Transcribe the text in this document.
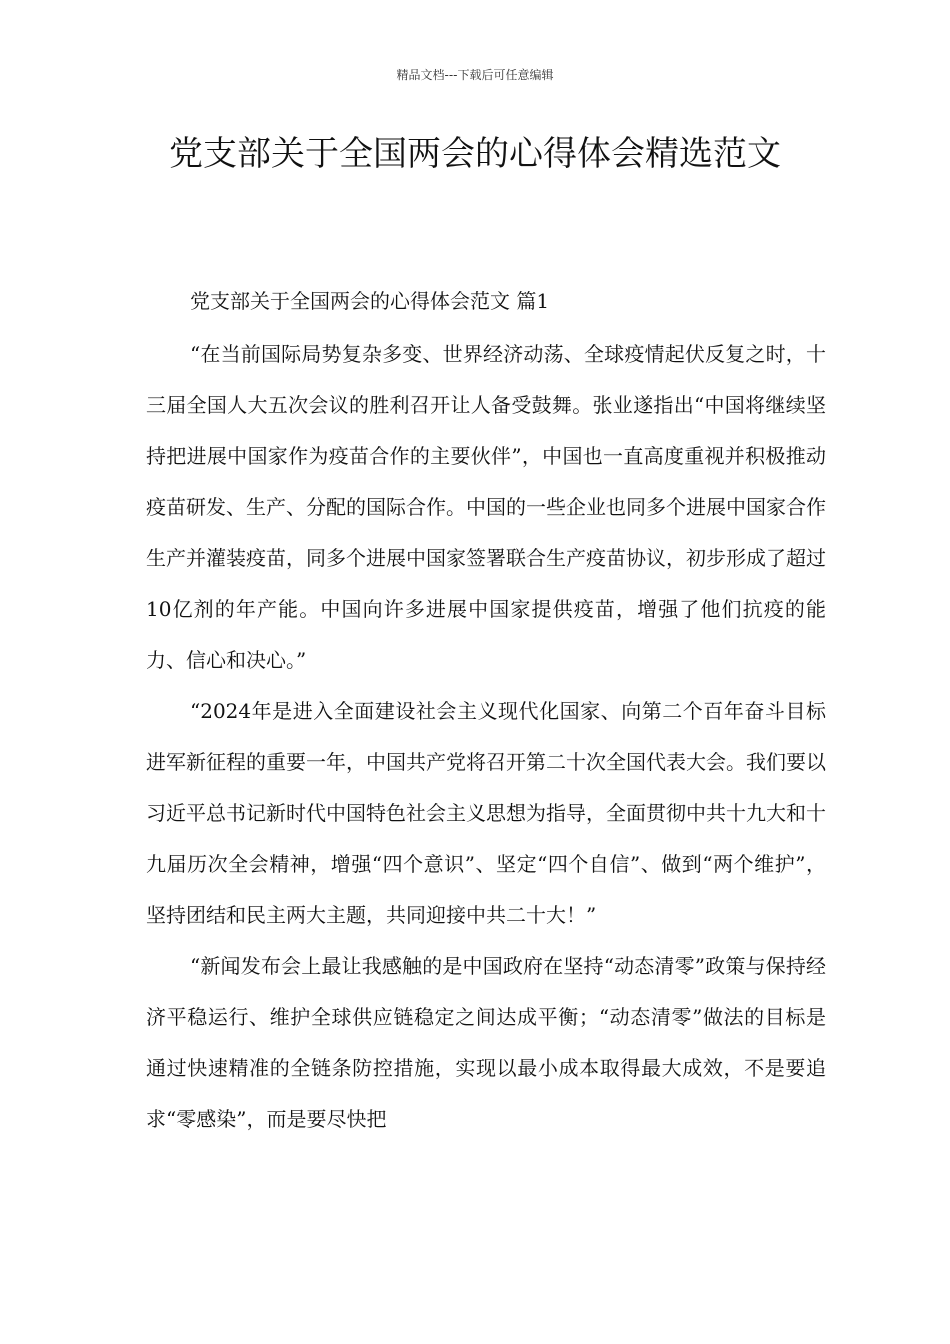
精品文档---下载后可任意编辑
党支部关于全国两会的心得体会精选范文

党支部关于全国两会的心得体会范文 篇1

“在当前国际局势复杂多变、世界经济动荡、全球疫情起伏反复之时，十三届全国人大五次会议的胜利召开让人备受鼓舞。张业遂指出“中国将继续坚持把进展中国家作为疫苗合作的主要伙伴”，中国也一直高度重视并积极推动疫苗研发、生产、分配的国际合作。中国的一些企业也同多个进展中国家合作生产并灌装疫苗，同多个进展中国家签署联合生产疫苗协议，初步形成了超过10亿剂的年产能。中国向许多进展中国家提供疫苗，增强了他们抗疫的能力、信心和决心。”

“2024年是进入全面建设社会主义现代化国家、向第二个百年奋斗目标进军新征程的重要一年，中国共产党将召开第二十次全国代表大会。我们要以习近平总书记新时代中国特色社会主义思想为指导，全面贯彻中共十九大和十九届历次全会精神，增强“四个意识”、坚定“四个自信”、做到“两个维护”，坚持团结和民主两大主题，共同迎接中共二十大！”

“新闻发布会上最让我感触的是中国政府在坚持“动态清零”政策与保持经济平稳运行、维护全球供应链稳定之间达成平衡；“动态清零”做法的目标是通过快速精准的全链条防控措施，实现以最小成本取得最大成效，不是要追求“零感染”，而是要尽快把
